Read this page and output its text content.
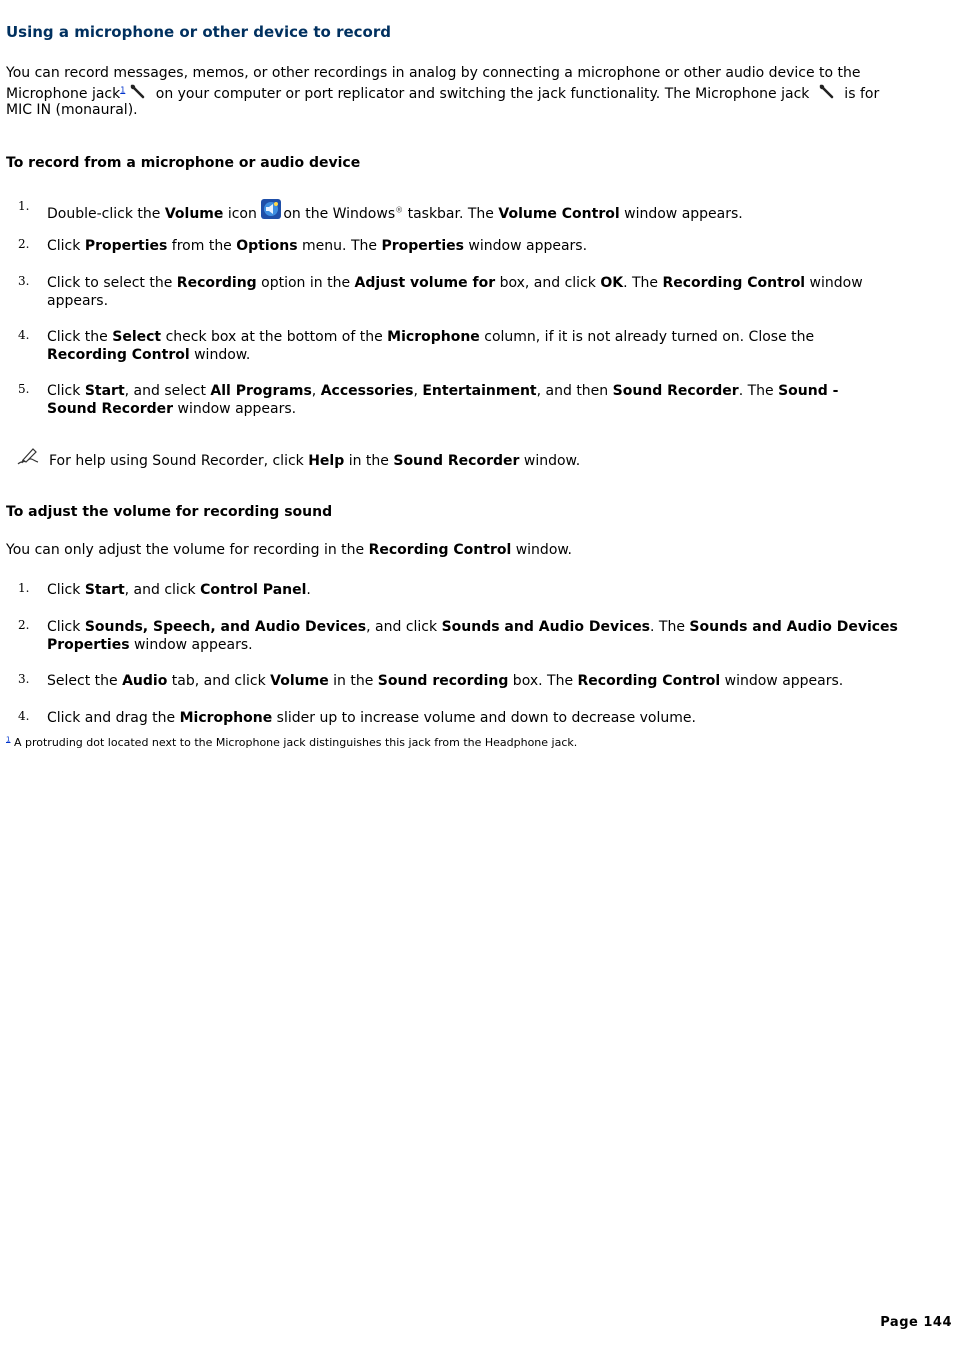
Using a microphone or other device to record
You can record messages, memos, or other recordings in analog by connecting a microphone or other audio device to the
Microphone jack$^1$ on your computer or port replicator and switching the jack functionality. The Microphone jack  is for
MIC IN (monaural).
To record from a microphone or audio device
1. Double-click the Volume icon on the Windows® taskbar. The Volume Control window appears.
2. Click Properties from the Options menu. The Properties window appears.
3. Click to select the Recording option in the Adjust volume for box, and click OK. The Recording Control window
appears.
4. Click the Select check box at the bottom of the Microphone column, if it is not already turned on. Close the
Recording Control window.
5. Click Start, and select All Programs, Accessories, Entertainment, and then Sound Recorder. The Sound -
Sound Recorder window appears.
For help using Sound Recorder, click Help in the Sound Recorder window.
To adjust the volume for recording sound

You can only adjust the volume for recording in the Recording Control window.

1. Click Start, and click Control Panel.
2. Click Sounds, Speech, and Audio Devices, and click Sounds and Audio Devices. The Sounds and Audio Devices
Properties window appears.
3. Select the Audio tab, and click Volume in the Sound recording box. The Recording Control window appears.
4. Click and drag the Microphone slider up to increase volume and down to decrease volume.
$^1$ A protruding dot located next to the Microphone jack distinguishes this jack from the Headphone jack.
Page 144
